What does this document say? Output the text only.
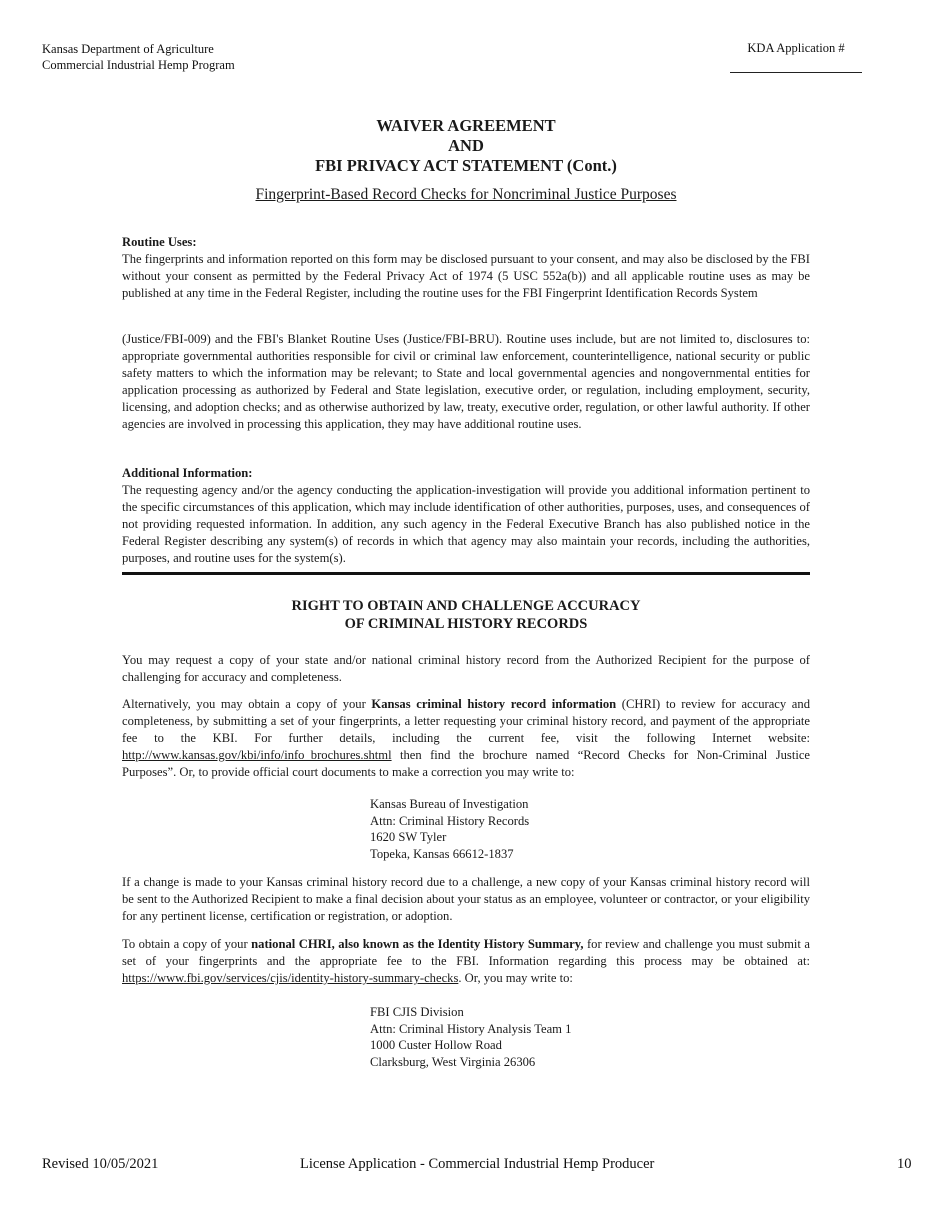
Kansas Department of Agriculture
Commercial Industrial Hemp Program
KDA Application #

WAIVER AGREEMENT

AND

FBI PRIVACY ACT STATEMENT (Cont.)

Fingerprint-Based Record Checks for Noncriminal Justice Purposes

Routine Uses:
The fingerprints and information reported on this form may be disclosed pursuant to your consent, and may also be disclosed by the FBI without your consent as permitted by the Federal Privacy Act of 1974 (5 USC 552a(b)) and all applicable routine uses as may be published at any time in the Federal Register, including the routine uses for the FBI Fingerprint Identification Records System

(Justice/FBI-009) and the FBI's Blanket Routine Uses (Justice/FBI-BRU). Routine uses include, but are not limited to, disclosures to: appropriate governmental authorities responsible for civil or criminal law enforcement, counterintelligence, national security or public safety matters to which the information may be relevant; to State and local governmental agencies and nongovernmental entities for application processing as authorized by Federal and State legislation, executive order, or regulation, including employment, security, licensing, and adoption checks; and as otherwise authorized by law, treaty, executive order, regulation, or other lawful authority. If other agencies are involved in processing this application, they may have additional routine uses.

Additional Information:
The requesting agency and/or the agency conducting the application-investigation will provide you additional information pertinent to the specific circumstances of this application, which may include identification of other authorities, purposes, uses, and consequences of not providing requested information. In addition, any such agency in the Federal Executive Branch has also published notice in the Federal Register describing any system(s) of records in which that agency may also maintain your records, including the authorities, purposes, and routine uses for the system(s).
RIGHT TO OBTAIN AND CHALLENGE ACCURACY
OF CRIMINAL HISTORY RECORDS

You may request a copy of your state and/or national criminal history record from the Authorized Recipient for the purpose of challenging for accuracy and completeness.

Alternatively, you may obtain a copy of your Kansas criminal history record information (CHRI) to review for accuracy and completeness, by submitting a set of your fingerprints, a letter requesting your criminal history record, and payment of the appropriate fee to the KBI. For further details, including the current fee, visit the following Internet website: http://www.kansas.gov/kbi/info/info_brochures.shtml then find the brochure named “Record Checks for Non-Criminal Justice Purposes”. Or, to provide official court documents to make a correction you may write to:

Kansas Bureau of Investigation
Attn: Criminal History Records
1620 SW Tyler
Topeka, Kansas 66612-1837

If a change is made to your Kansas criminal history record due to a challenge, a new copy of your Kansas criminal history record will be sent to the Authorized Recipient to make a final decision about your status as an employee, volunteer or contractor, or your eligibility for any pertinent license, certification or registration, or adoption.

To obtain a copy of your national CHRI, also known as the Identity History Summary, for review and challenge you must submit a set of your fingerprints and the appropriate fee to the FBI. Information regarding this process may be obtained at: https://www.fbi.gov/services/cjis/identity-history-summary-checks. Or, you may write to:

FBI CJIS Division
Attn: Criminal History Analysis Team 1
1000 Custer Hollow Road
Clarksburg, West Virginia 26306
Revised 10/05/2021	License Application - Commercial Industrial Hemp Producer	10
